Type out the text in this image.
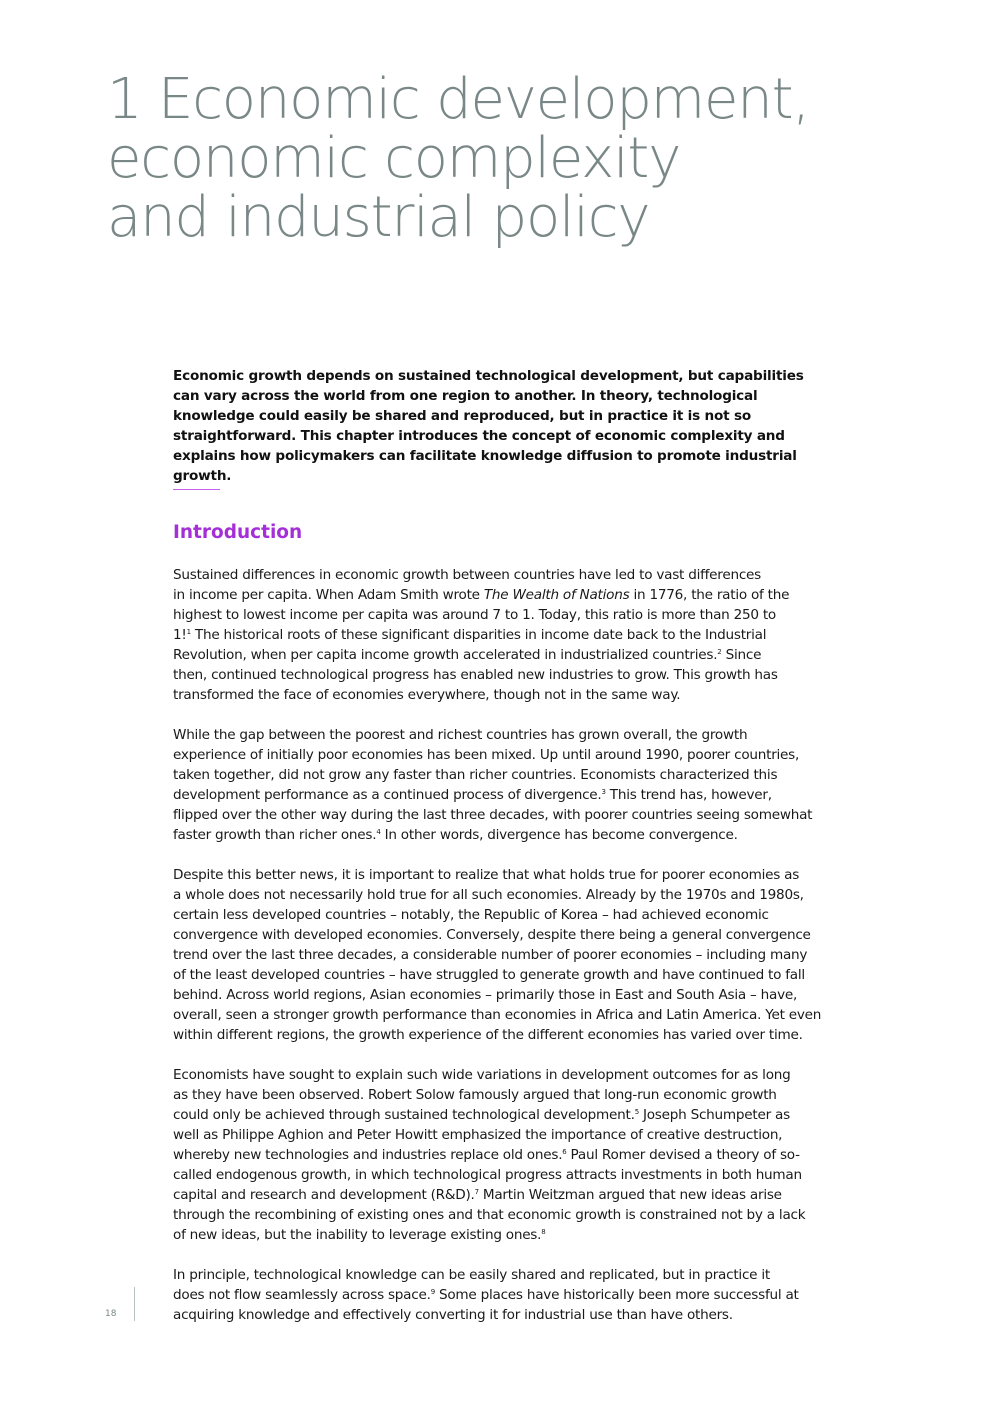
1 Economic development,
economic complexity
and industrial policy

Economic growth depends on sustained technological development, but capabilities can vary across the world from one region to another. In theory, technological knowledge could easily be shared and reproduced, but in practice it is not so straightforward. This chapter introduces the concept of economic complexity and explains how policymakers can facilitate knowledge diffusion to promote industrial growth.

Introduction

Sustained differences in economic growth between countries have led to vast differences
in income per capita. When Adam Smith wrote The Wealth of Nations in 1776, the ratio of the
highest to lowest income per capita was around 7 to 1. Today, this ratio is more than 250 to
1!$^1$ The historical roots of these significant disparities in income date back to the Industrial
Revolution, when per capita income growth accelerated in industrialized countries.$^2$ Since
then, continued technological progress has enabled new industries to grow. This growth has
transformed the face of economies everywhere, though not in the same way.

While the gap between the poorest and richest countries has grown overall, the growth
experience of initially poor economies has been mixed. Up until around 1990, poorer countries,
taken together, did not grow any faster than richer countries. Economists characterized this
development performance as a continued process of divergence.$^3$ This trend has, however,
flipped over the other way during the last three decades, with poorer countries seeing somewhat
faster growth than richer ones.$^4$ In other words, divergence has become convergence.

Despite this better news, it is important to realize that what holds true for poorer economies as
a whole does not necessarily hold true for all such economies. Already by the 1970s and 1980s,
certain less developed countries – notably, the Republic of Korea – had achieved economic
convergence with developed economies. Conversely, despite there being a general convergence
trend over the last three decades, a considerable number of poorer economies – including many
of the least developed countries – have struggled to generate growth and have continued to fall
behind. Across world regions, Asian economies – primarily those in East and South Asia – have,
overall, seen a stronger growth performance than economies in Africa and Latin America. Yet even
within different regions, the growth experience of the different economies has varied over time.

Economists have sought to explain such wide variations in development outcomes for as long
as they have been observed. Robert Solow famously argued that long-run economic growth
could only be achieved through sustained technological development.$^5$ Joseph Schumpeter as
well as Philippe Aghion and Peter Howitt emphasized the importance of creative destruction,
whereby new technologies and industries replace old ones.$^6$ Paul Romer devised a theory of so-
called endogenous growth, in which technological progress attracts investments in both human
capital and research and development (R&D).$^7$ Martin Weitzman argued that new ideas arise
through the recombining of existing ones and that economic growth is constrained not by a lack
of new ideas, but the inability to leverage existing ones.$^8$

In principle, technological knowledge can be easily shared and replicated, but in practice it
does not flow seamlessly across space.$^9$ Some places have historically been more successful at
acquiring knowledge and effectively converting it for industrial use than have others.

18
